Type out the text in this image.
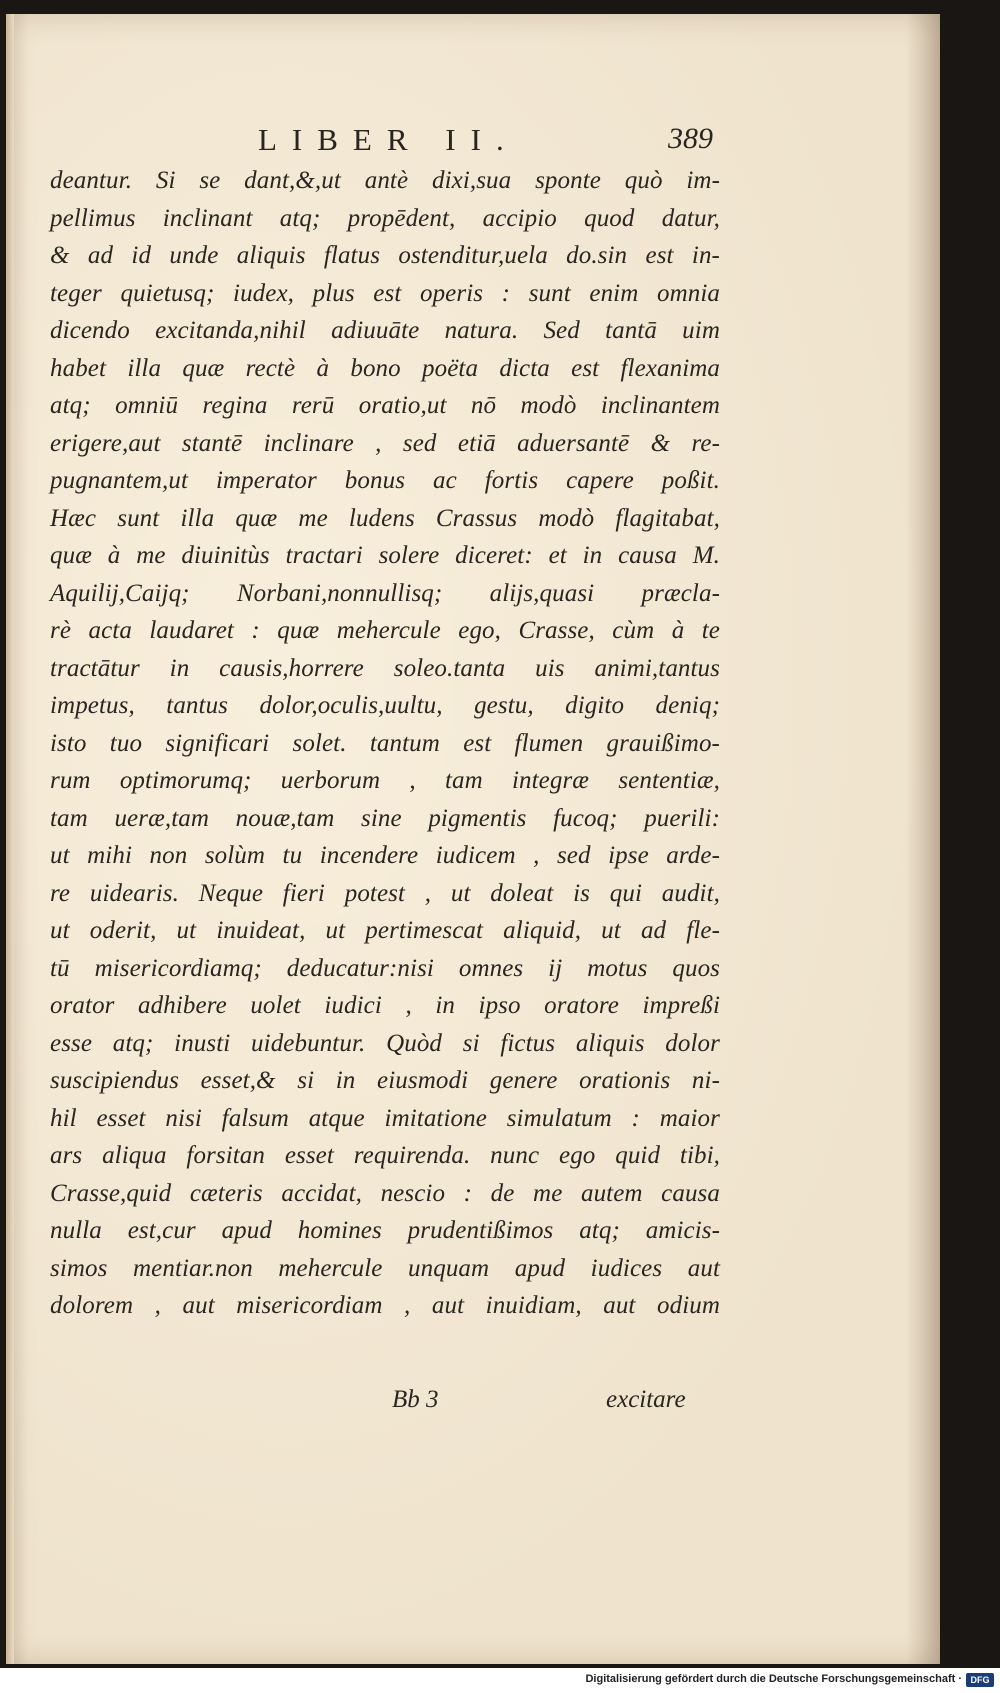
LIBER II.	389
deantur. Si se dant,&,ut antè dixi,sua sponte quò im-
pellimus inclinant atq; propēdent, accipio quod datur,
& ad id unde aliquis flatus ostenditur,uela do.sin est in-
teger quietusq; iudex, plus est operis : sunt enim omnia
dicendo excitanda,nihil adiuuāte natura. Sed tantā uim
habet illa quæ rectè à bono poëta dicta est flexanima
atq; omniū regina rerū oratio,ut nō modò inclinantem
erigere,aut stantē inclinare , sed etiā aduersantē & re-
pugnantem,ut imperator bonus ac fortis capere poßit.
Hæc sunt illa quæ me ludens Crassus modò flagitabat,
quæ à me diuinitùs tractari solere diceret: et in causa M.
Aquilij,Caijq; Norbani,nonnullisq; alijs,quasi præcla-
rè acta laudaret : quæ mehercule ego, Crasse, cùm à te
tractātur in causis,horrere soleo.tanta uis animi,tantus
impetus, tantus dolor,oculis,uultu, gestu, digito deniq;
isto tuo significari solet. tantum est flumen grauißimo-
rum optimorumq; uerborum , tam integræ sententiæ,
tam ueræ,tam nouæ,tam sine pigmentis fucoq; puerili:
ut mihi non solùm tu incendere iudicem , sed ipse arde-
re uidearis. Neque fieri potest , ut doleat is qui audit,
ut oderit, ut inuideat, ut pertimescat aliquid, ut ad fle-
tū misericordiamq; deducatur:nisi omnes ij motus quos
orator adhibere uolet iudici , in ipso oratore impreßi
esse atq; inusti uidebuntur. Quòd si fictus aliquis dolor
suscipiendus esset,& si in eiusmodi genere orationis ni-
hil esset nisi falsum atque imitatione simulatum : maior
ars aliqua forsitan esset requirenda. nunc ego quid tibi,
Crasse,quid cæteris accidat, nescio : de me autem causa
nulla est,cur apud homines prudentißimos atq; amicis-
simos mentiar.non mehercule unquam apud iudices aut
dolorem , aut misericordiam , aut inuidiam, aut odium
Bb 3	excitare
Digitalisierung gefördert durch die Deutsche Forschungsgemeinschaft · DFG
